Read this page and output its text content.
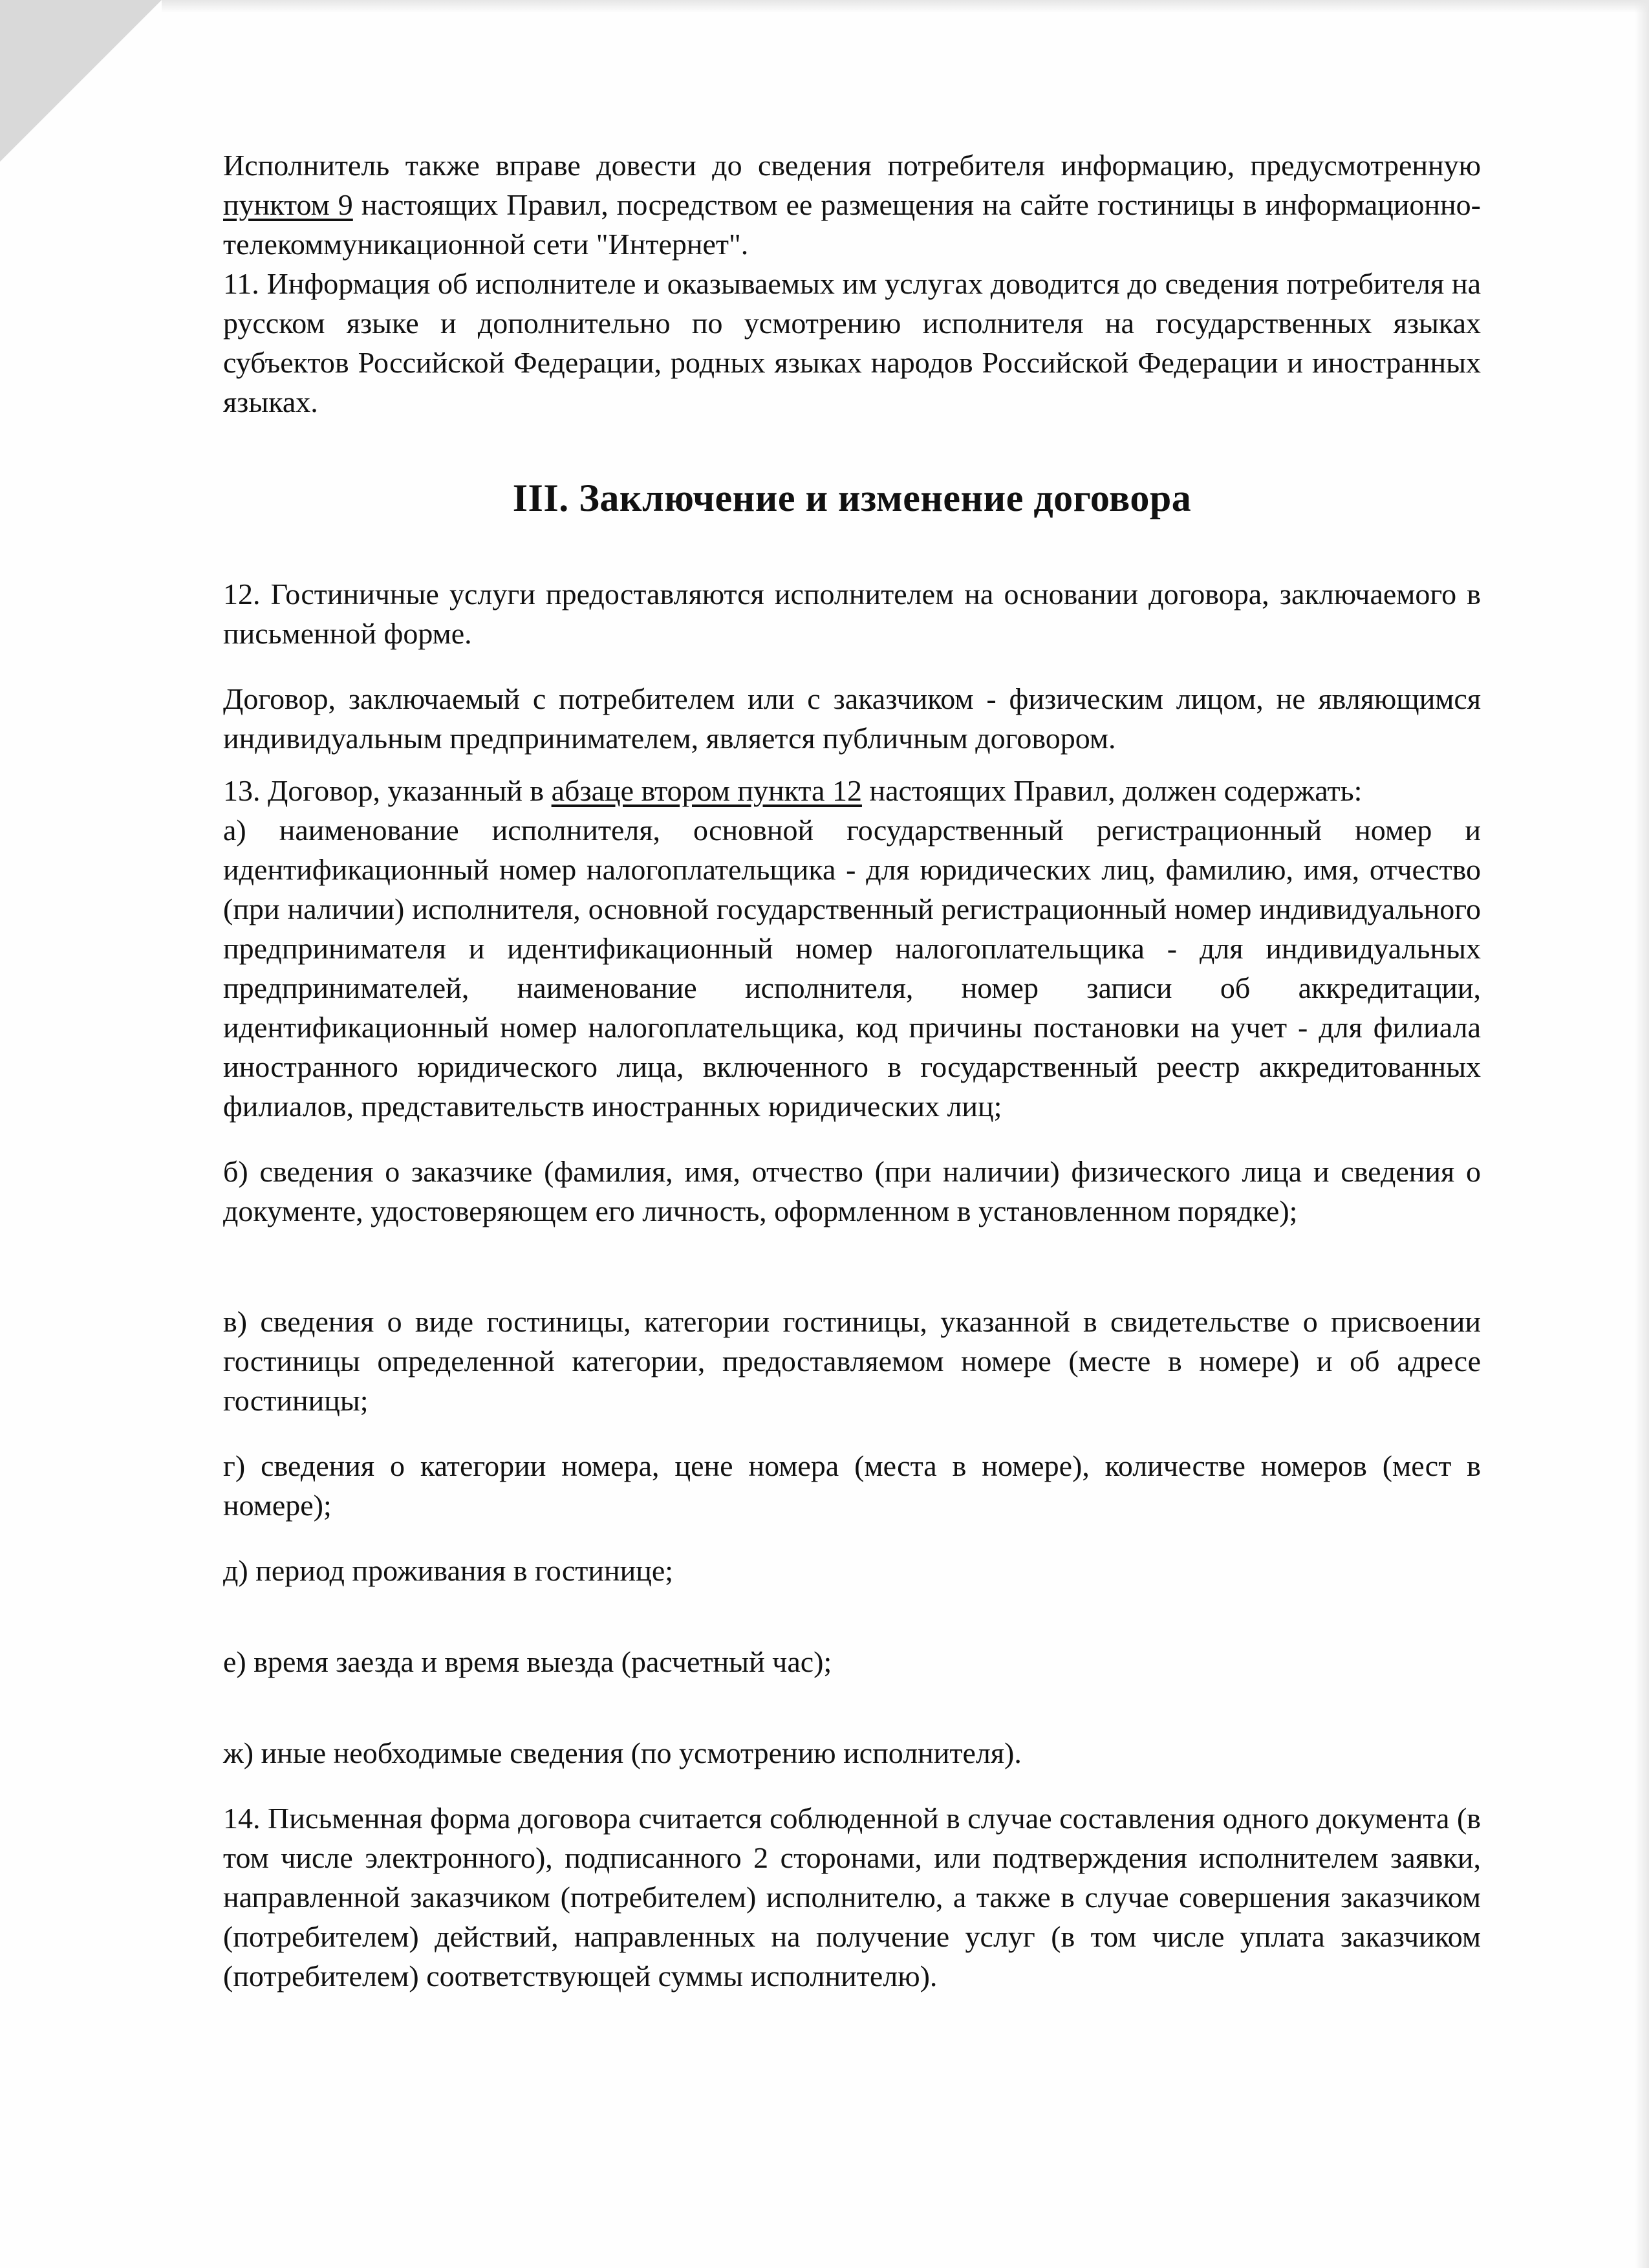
Исполнитель также вправе довести до сведения потребителя информацию, предусмотренную пунктом 9 настоящих Правил, посредством ее размещения на сайте гостиницы в информационно-телекоммуникационной сети "Интернет".

11. Информация об исполнителе и оказываемых им услугах доводится до сведения потребителя на русском языке и дополнительно по усмотрению исполнителя на государственных языках субъектов Российской Федерации, родных языках народов Российской Федерации и иностранных языках.

III. Заключение и изменение договора

12. Гостиничные услуги предоставляются исполнителем на основании договора, заключаемого в письменной форме.

Договор, заключаемый с потребителем или с заказчиком - физическим лицом, не являющимся индивидуальным предпринимателем, является публичным договором.

13. Договор, указанный в абзаце втором пункта 12 настоящих Правил, должен содержать:

а) наименование исполнителя, основной государственный регистрационный номер и идентификационный номер налогоплательщика - для юридических лиц, фамилию, имя, отчество (при наличии) исполнителя, основной государственный регистрационный номер индивидуального предпринимателя и идентификационный номер налогоплательщика - для индивидуальных предпринимателей, наименование исполнителя, номер записи об аккредитации, идентификационный номер налогоплательщика, код причины постановки на учет - для филиала иностранного юридического лица, включенного в государственный реестр аккредитованных филиалов, представительств иностранных юридических лиц;

б) сведения о заказчике (фамилия, имя, отчество (при наличии) физического лица и сведения о документе, удостоверяющем его личность, оформленном в установленном порядке);

в) сведения о виде гостиницы, категории гостиницы, указанной в свидетельстве о присвоении гостиницы определенной категории, предоставляемом номере (месте в номере) и об адресе гостиницы;

г) сведения о категории номера, цене номера (места в номере), количестве номеров (мест в номере);

д) период проживания в гостинице;

е) время заезда и время выезда (расчетный час);

ж) иные необходимые сведения (по усмотрению исполнителя).

14. Письменная форма договора считается соблюденной в случае составления одного документа (в том числе электронного), подписанного 2 сторонами, или подтверждения исполнителем заявки, направленной заказчиком (потребителем) исполнителю, а также в случае совершения заказчиком (потребителем) действий, направленных на получение услуг (в том числе уплата заказчиком (потребителем) соответствующей суммы исполнителю).
